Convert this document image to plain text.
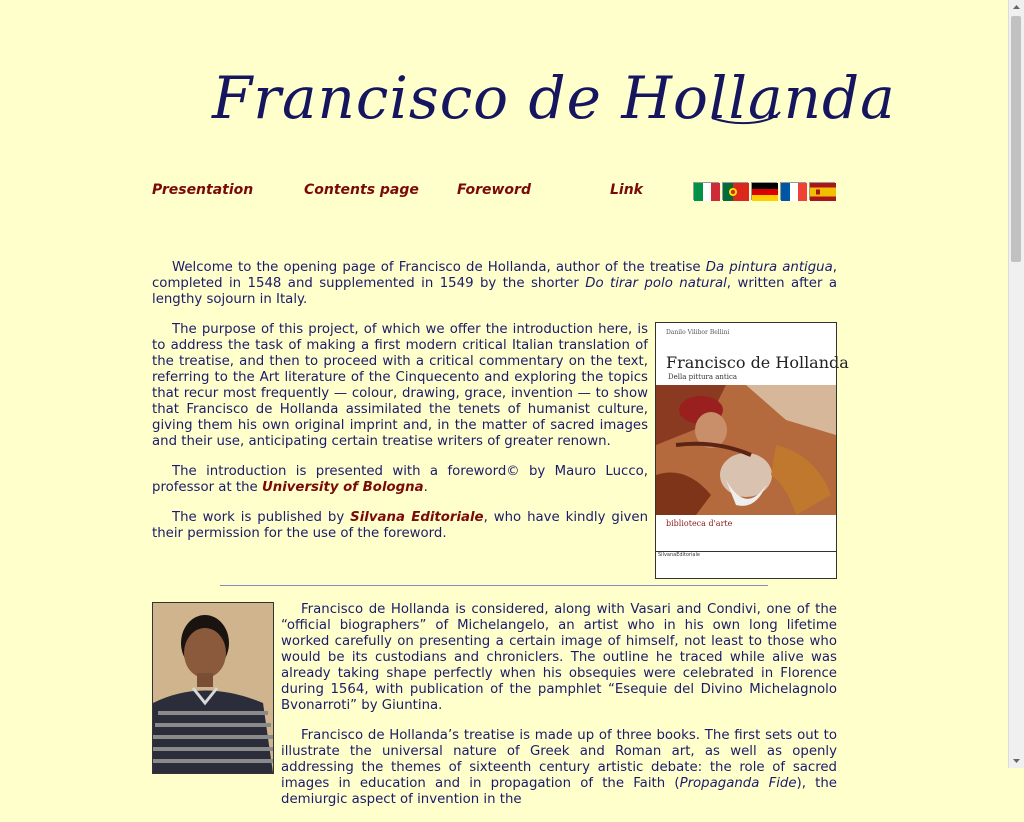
Francisco de Hollanda
Presentation	Contents page	Foreword	Link

Welcome to the opening page of Francisco de Hollanda, author of the treatise Da pintura antigua, completed in 1548 and supplemented in 1549 by the shorter Do tirar polo natural, written after a lengthy sojourn in Italy.

The purpose of this project, of which we offer the introduction here, is to address the task of making a first modern critical Italian translation of the treatise, and then to proceed with a critical commentary on the text, referring to the Art literature of the Cinquecento and exploring the topics that recur most frequently — colour, drawing, grace, invention — to show that Francisco de Hollanda assimilated the tenets of humanist culture, giving them his own original imprint and, in the matter of sacred images and their use, anticipating certain treatise writers of greater renown.

The introduction is presented with a foreword© by Mauro Lucco, professor at the University of Bologna.

The work is published by Silvana Editoriale, who have kindly given their permission for the use of the foreword.

Danilo Vilibor Bellini
Francisco de Hollanda
Della pittura antica
biblioteca d'arte
SilvanaEditoriale

Francisco de Hollanda is considered, along with Vasari and Condivi, one of the “official biographers” of Michelangelo, an artist who in his own long lifetime worked carefully on presenting a certain image of himself, not least to those who would be its custodians and chroniclers. The outline he traced while alive was already taking shape perfectly when his obsequies were celebrated in Florence during 1564, with publication of the pamphlet “Esequie del Divino Michelagnolo Bvonarroti” by Giuntina.

Francisco de Hollanda’s treatise is made up of three books. The first sets out to illustrate the universal nature of Greek and Roman art, as well as openly addressing the themes of sixteenth century artistic debate: the role of sacred images in education and in propagation of the Faith (Propaganda Fide), the demiurgic aspect of invention in the
